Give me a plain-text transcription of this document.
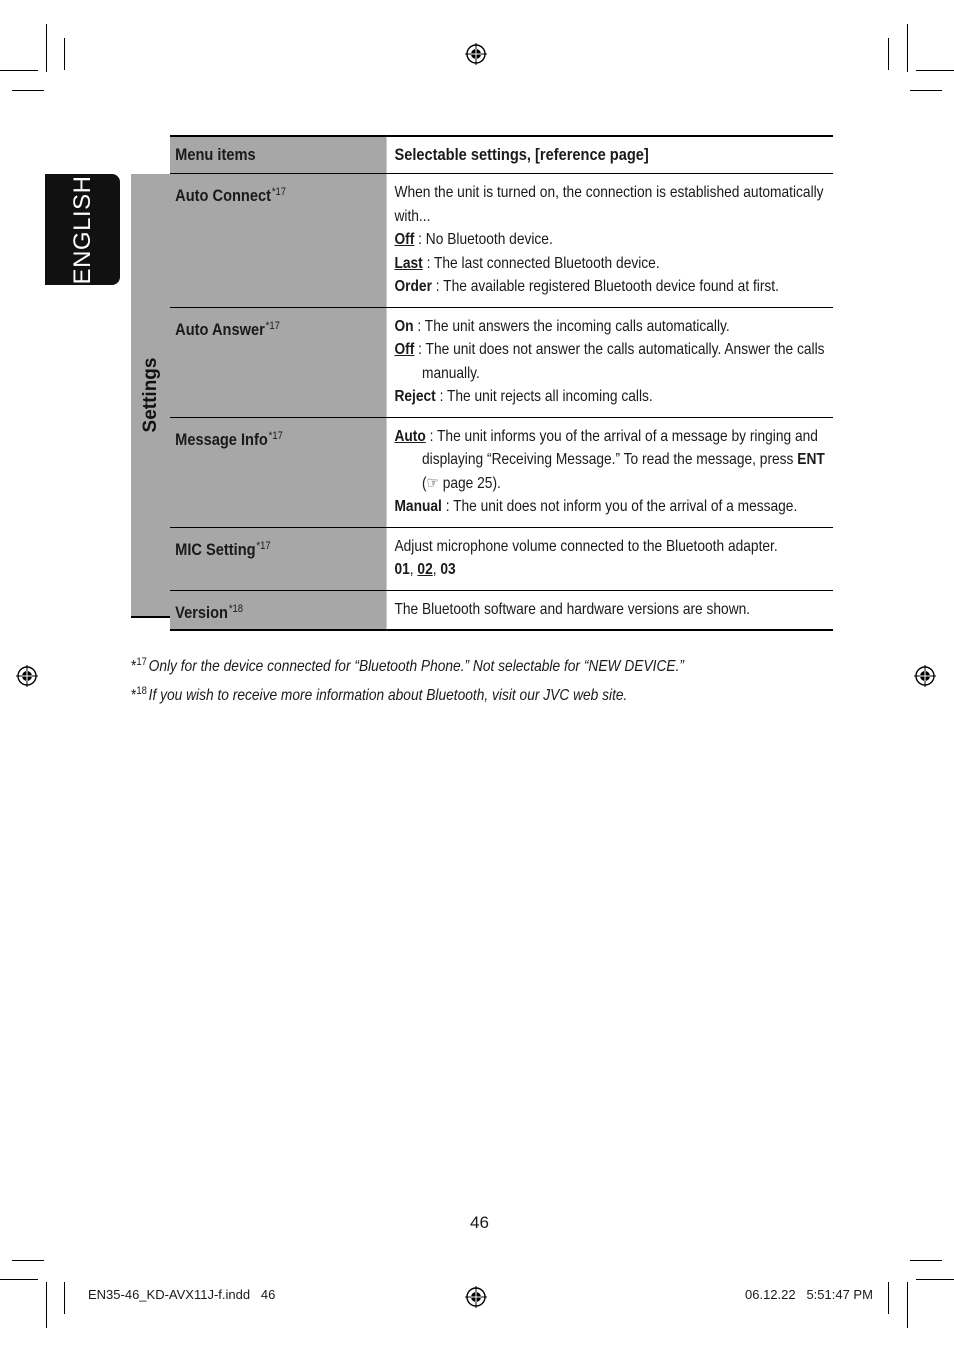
ENGLISH
Settings
Menu items	Selectable settings, [reference page]
Auto Connect$^{*17}$	When the unit is turned on, the connection is established automatically with...
Off : No Bluetooth device.
Last : The last connected Bluetooth device.
Order : The available registered Bluetooth device found at first.

Auto Answer$^{*17}$	On : The unit answers the incoming calls automatically.
Off : The unit does not answer the calls automatically. Answer the calls manually.
Reject : The unit rejects all incoming calls.

Message Info$^{*17}$	Auto : The unit informs you of the arrival of a message by ringing and displaying “Receiving Message.” To read the message, press ENT (☞ page 25).
Manual : The unit does not inform you of the arrival of a message.

MIC Setting$^{*17}$	Adjust microphone volume connected to the Bluetooth adapter.
01, 02, 03

Version$^{*18}$	The Bluetooth software and hardware versions are shown.
*$^{17}$ Only for the device connected for “Bluetooth Phone.” Not selectable for “NEW DEVICE.”
*$^{18}$ If you wish to receive more information about Bluetooth, visit our JVC web site.
46
EN35-46_KD-AVX11J-f.indd   46	06.12.22   5:51:47 PM
